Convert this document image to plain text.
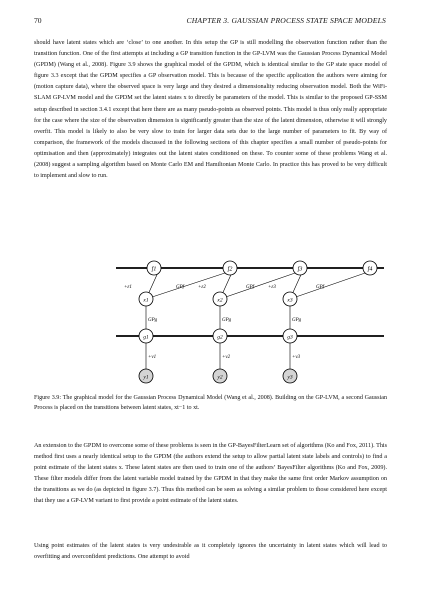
70	CHAPTER 3. GAUSSIAN PROCESS STATE SPACE MODELS

should have latent states which are ‘close’ to one another. In this setup the GP is still modelling the observation function rather than the transition function. One of the first attempts at including a GP transition function in the GP-LVM was the Gaussian Process Dynamical Model (GPDM) (Wang et al., 2008). Figure 3.9 shows the graphical model of the GPDM, which is identical similar to the GP state space model of figure 3.3 except that the GPDM specifies a GP observation model. This is because of the specific application the authors were aiming for (motion capture data), where the observed space is very large and they desired a dimensionality reducing observation model. Both the WiFi-SLAM GP-LVM model and the GPDM set the latent states x to directly be parameters of the model. This is similar to the proposed GP-SSM setup described in section 3.4.1 except that here there are as many pseudo-points as observed points. This model is thus only really appropriate for the case where the size of the observation dimension is significantly greater than the size of the latent dimension, otherwise it will strongly overfit. This model is likely to also be very slow to train for larger data sets due to the large number of parameters to fit. By way of comparison, the framework of the models discussed in the following sections of this chapter specifies a small number of pseudo-points for optimisation and then (approximately) integrates out the latent states conditioned on these. To counter some of these problems Wang et al. (2008) suggest a sampling algorithm based on Monte Carlo EM and Hamiltonian Monte Carlo. In practice this has proved to be very difficult to implement and slow to run.

f1	f2	f3	f4
+ε1	+ε2	+ε3
GPf	GPf	GPf
x1	x2	x3
GPg	GPg	GPg
g1	g2	g3
+ν1	+ν2	+ν3
y1	y2	y3
Figure 3.9: The graphical model for the Gaussian Process Dynamical Model (Wang et al., 2008). Building on the GP-LVM, a second Gaussian Process is placed on the transitions between latent states, xt−1 to xt.

An extension to the GPDM to overcome some of these problems is seen in the GP-BayesFilterLearn set of algorithms (Ko and Fox, 2011). This method first uses a nearly identical setup to the GPDM (the authors extend the setup to allow partial latent state labels and controls) to find a point estimate of the latent states x. These latent states are then used to train one of the authors’ BayesFilter algorithms (Ko and Fox, 2009). These filter models differ from the latent variable model trained by the GPDM in that they make the same first order Markov assumption on the transitions as we do (as depicted in figure 3.7). Thus this method can be seen as solving a similar problem to those considered here except that they use a GP-LVM variant to first provide a point estimate of the latent states.

Using point estimates of the latent states is very undesirable as it completely ignores the uncertainty in latent states which will lead to overfitting and overconfident predictions. One attempt to avoid
